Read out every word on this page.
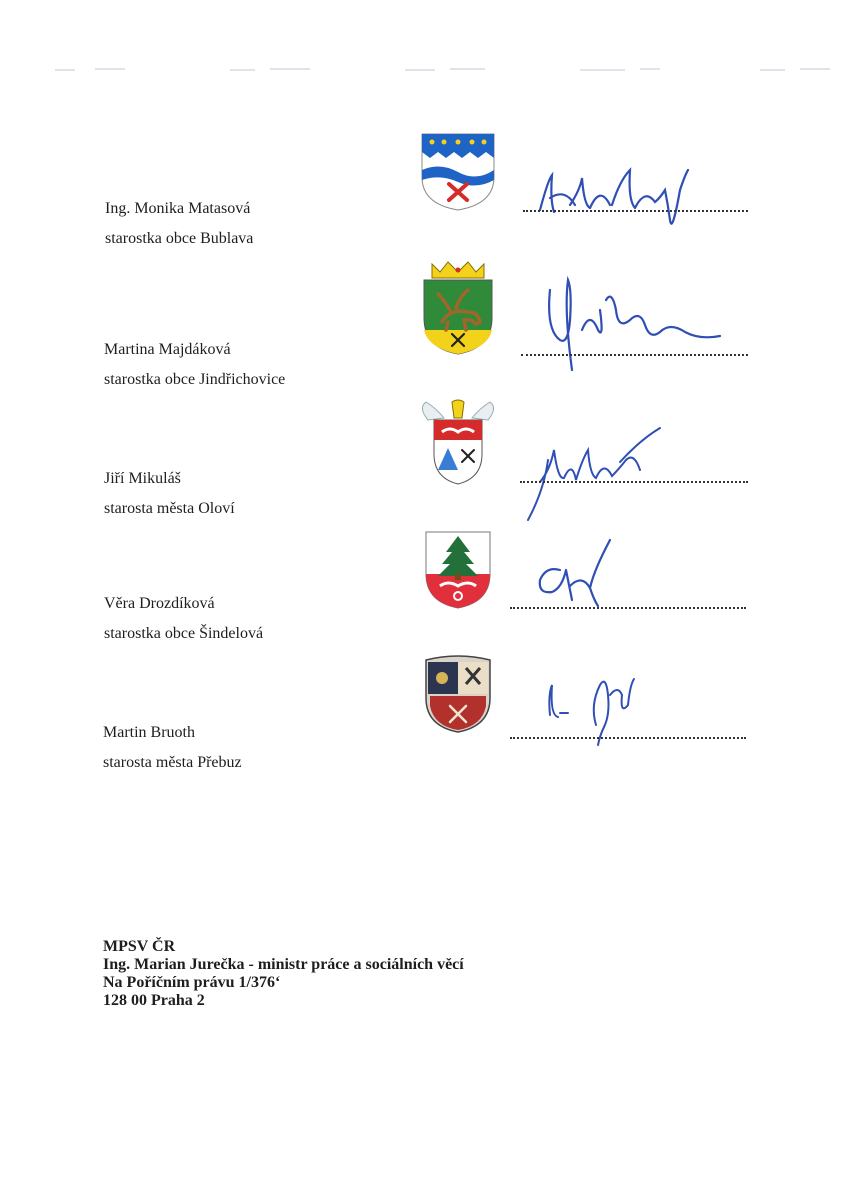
Ing. Monika Matasová
starostka obce Bublava
Martina Majdáková
starostka obce Jindřichovice
Jiří Mikuláš
starosta města Oloví
Věra Drozdíková
starostka obce Šindelová
Martin Bruoth
starosta města Přebuz
MPSV ČR
Ing. Marian Jurečka - ministr práce a sociálních věcí
Na Poříčním právu 1/376‘
128 00 Praha 2
